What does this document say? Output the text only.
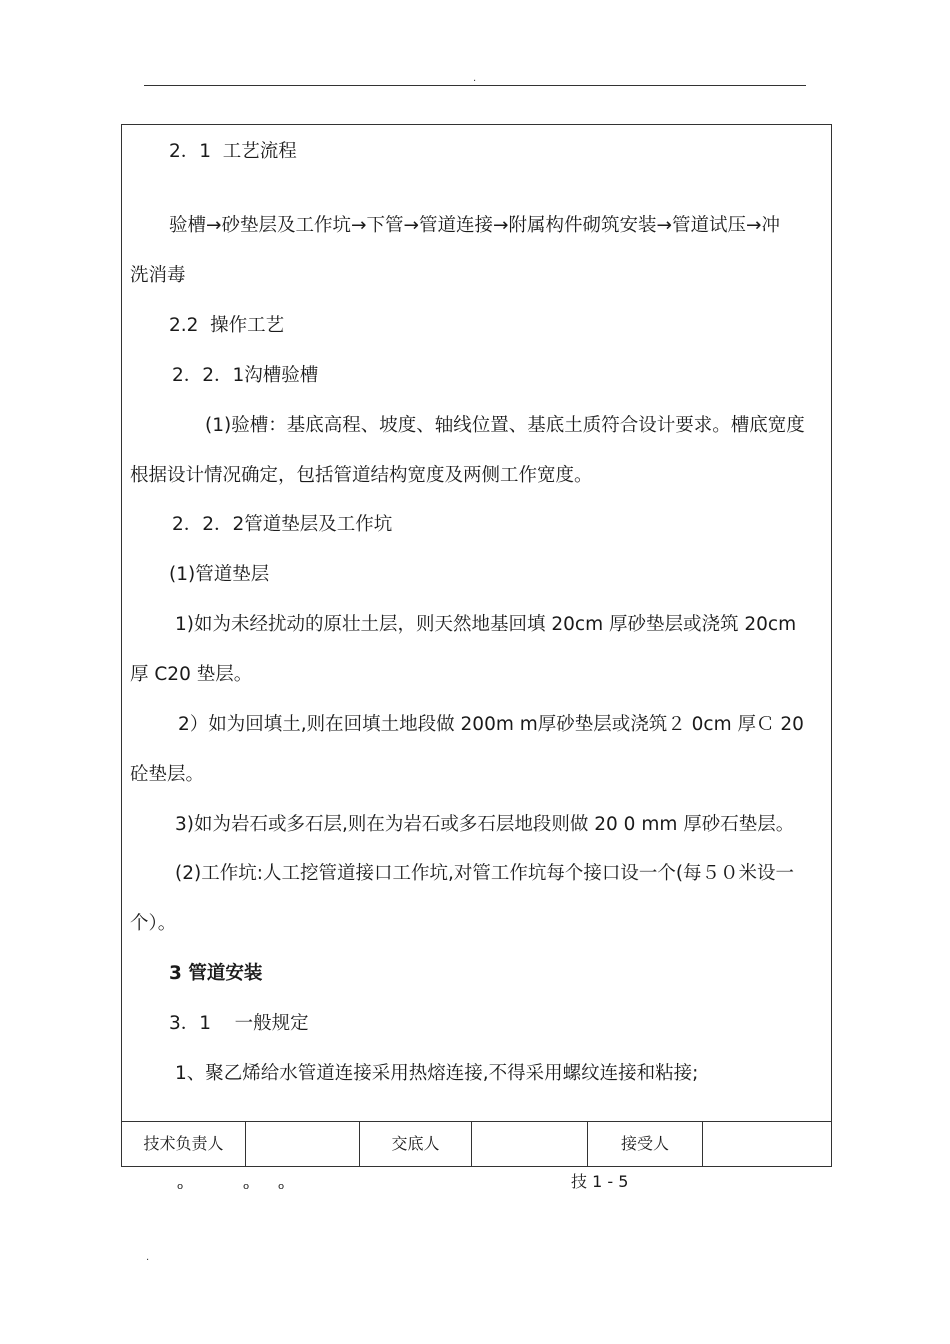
.
2．1  工艺流程
验槽→砂垫层及工作坑→下管→管道连接→附属构件砌筑安装→管道试压→冲
洗消毒
2.2  操作工艺
2．2．1沟槽验槽
(1)验槽：基底高程、坡度、轴线位置、基底土质符合设计要求。槽底宽度
根据设计情况确定，包括管道结构宽度及两侧工作宽度。
2．2．2管道垫层及工作坑
(1)管道垫层
1)如为未经扰动的原壮土层，则天然地基回填 20cm 厚砂垫层或浇筑 20cm
厚 C20 垫层。
2）如为回填土,则在回填土地段做 200m m厚砂垫层或浇筑２ 0cm 厚Ｃ 20
砼垫层。
3)如为岩石或多石层,则在为岩石或多石层地段则做 20 0 mm 厚砂石垫层。
(2)工作坑:人工挖管道接口工作坑,对管工作坑每个接口设一个(每５０米设一
个）。
3 管道安装
3．1    一般规定
1、聚乙烯给水管道连接采用热熔连接,不得采用螺纹连接和粘接;
技术负责人	交底人	接受人
ₒ	ₒ ₒ	技 1 - 5
.
